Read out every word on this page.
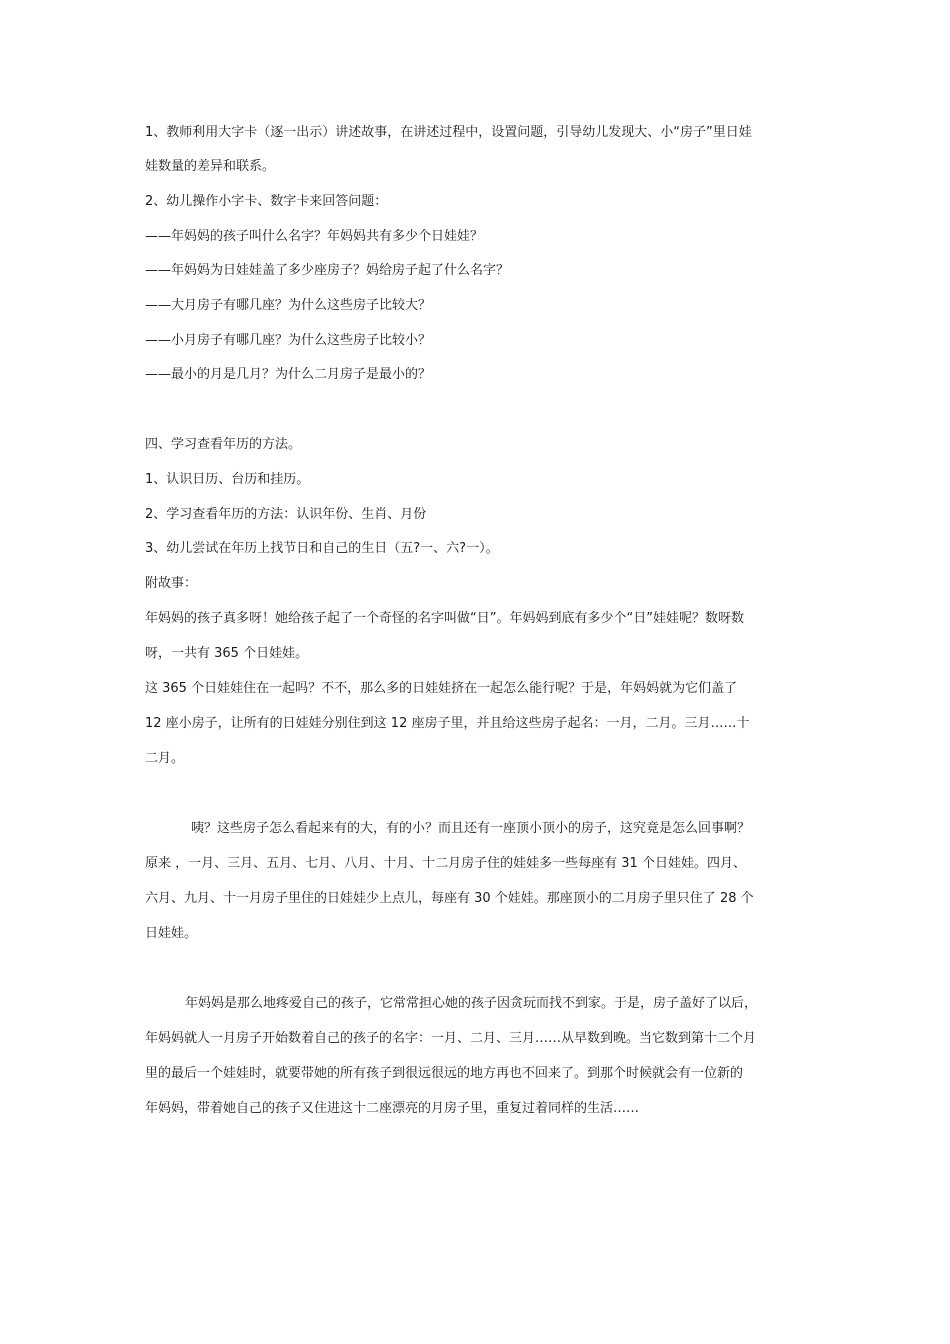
1、教师利用大字卡（逐一出示）讲述故事，在讲述过程中，设置问题，引导幼儿发现大、小“房子”里日娃
娃数量的差异和联系。
2、幼儿操作小字卡、数字卡来回答问题：
——年妈妈的孩子叫什么名字？年妈妈共有多少个日娃娃？
——年妈妈为日娃娃盖了多少座房子？妈给房子起了什么名字？
——大月房子有哪几座？为什么这些房子比较大？
——小月房子有哪几座？为什么这些房子比较小？
——最小的月是几月？为什么二月房子是最小的？
四、学习查看年历的方法。
1、认识日历、台历和挂历。
2、学习查看年历的方法：认识年份、生肖、月份
3、幼儿尝试在年历上找节日和自己的生日（五?一、六?一）。
附故事：
年妈妈的孩子真多呀！她给孩子起了一个奇怪的名字叫做“日”。年妈妈到底有多少个“日”娃娃呢？数呀数
呀，一共有 365 个日娃娃。
这 365 个日娃娃住在一起吗？不不，那么多的日娃娃挤在一起怎么能行呢？于是，年妈妈就为它们盖了
12 座小房子，让所有的日娃娃分别住到这 12 座房子里，并且给这些房子起名：一月，二月。三月……十
二月。
咦？这些房子怎么看起来有的大，有的小？而且还有一座顶小顶小的房子，这究竟是怎么回事啊？
原来 ，一月、三月、五月、七月、八月、十月、十二月房子住的娃娃多一些每座有 31 个日娃娃。四月、
六月、九月、十一月房子里住的日娃娃少上点儿，每座有 30 个娃娃。那座顶小的二月房子里只住了 28 个
日娃娃。
年妈妈是那么地疼爱自己的孩子，它常常担心她的孩子因贪玩而找不到家。于是，房子盖好了以后，
年妈妈就人一月房子开始数着自己的孩子的名字：一月、二月、三月……从早数到晚。当它数到第十二个月
里的最后一个娃娃时，就要带她的所有孩子到很远很远的地方再也不回来了。到那个时候就会有一位新的
年妈妈，带着她自己的孩子又住进这十二座漂亮的月房子里，重复过着同样的生活……
